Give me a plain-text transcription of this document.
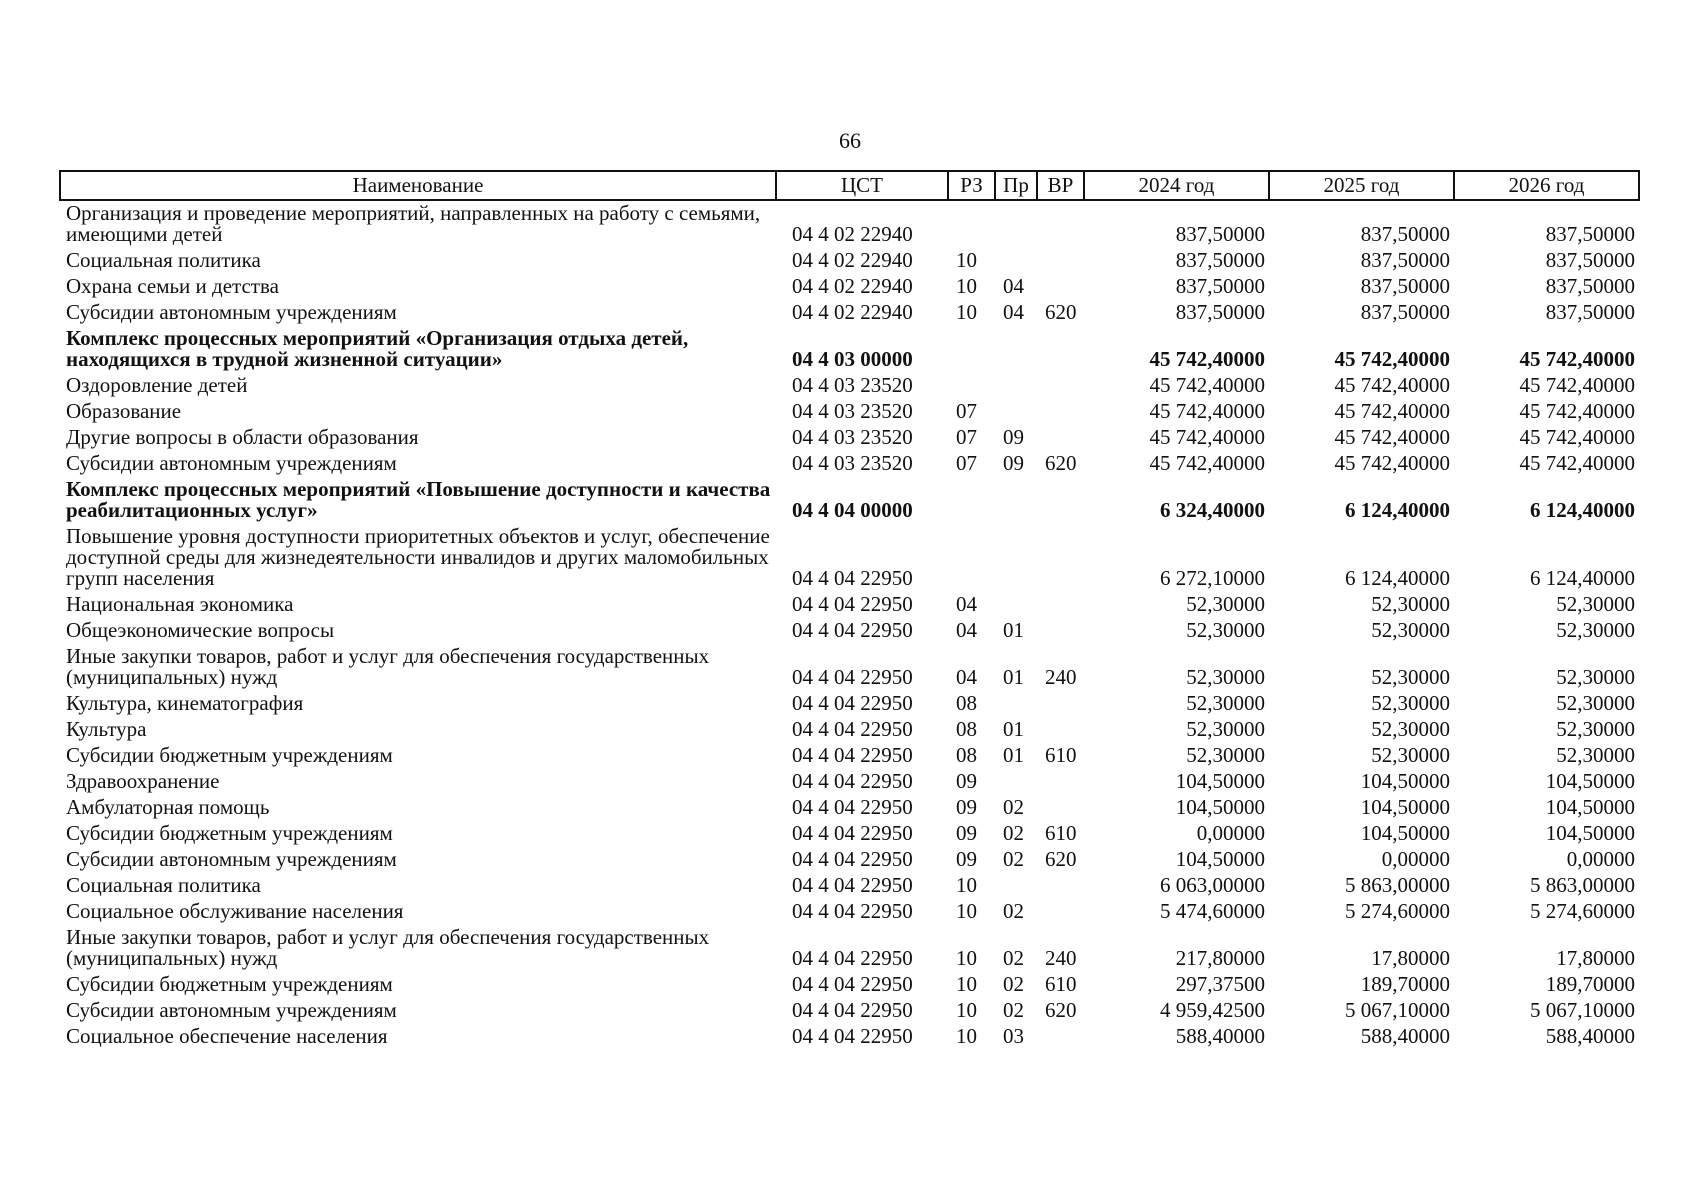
66
Наименование	ЦСТ	РЗ	Пр	ВР	2024 год	2025 год	2026 год
Организация и проведение мероприятий, направленных на работу с семьями, имеющими детей	04 4 02 22940				837,50000	837,50000	837,50000
Социальная политика	04 4 02 22940	10			837,50000	837,50000	837,50000
Охрана семьи и детства	04 4 02 22940	10	04		837,50000	837,50000	837,50000
Субсидии автономным учреждениям	04 4 02 22940	10	04	620	837,50000	837,50000	837,50000
Комплекс процессных мероприятий «Организация отдыха детей, находящихся в трудной жизненной ситуации»	04 4 03 00000				45 742,40000	45 742,40000	45 742,40000
Оздоровление детей	04 4 03 23520				45 742,40000	45 742,40000	45 742,40000
Образование	04 4 03 23520	07			45 742,40000	45 742,40000	45 742,40000
Другие вопросы в области образования	04 4 03 23520	07	09		45 742,40000	45 742,40000	45 742,40000
Субсидии автономным учреждениям	04 4 03 23520	07	09	620	45 742,40000	45 742,40000	45 742,40000
Комплекс процессных мероприятий «Повышение доступности и качества реабилитационных услуг»	04 4 04 00000				6 324,40000	6 124,40000	6 124,40000
Повышение уровня доступности приоритетных объектов и услуг, обеспечение доступной среды для жизнедеятельности инвалидов и других маломобильных групп населения	04 4 04 22950				6 272,10000	6 124,40000	6 124,40000
Национальная экономика	04 4 04 22950	04			52,30000	52,30000	52,30000
Общеэкономические вопросы	04 4 04 22950	04	01		52,30000	52,30000	52,30000
Иные закупки товаров, работ и услуг для обеспечения государственных (муниципальных) нужд	04 4 04 22950	04	01	240	52,30000	52,30000	52,30000
Культура, кинематография	04 4 04 22950	08			52,30000	52,30000	52,30000
Культура	04 4 04 22950	08	01		52,30000	52,30000	52,30000
Субсидии бюджетным учреждениям	04 4 04 22950	08	01	610	52,30000	52,30000	52,30000
Здравоохранение	04 4 04 22950	09			104,50000	104,50000	104,50000
Амбулаторная помощь	04 4 04 22950	09	02		104,50000	104,50000	104,50000
Субсидии бюджетным учреждениям	04 4 04 22950	09	02	610	0,00000	104,50000	104,50000
Субсидии автономным учреждениям	04 4 04 22950	09	02	620	104,50000	0,00000	0,00000
Социальная политика	04 4 04 22950	10			6 063,00000	5 863,00000	5 863,00000
Социальное обслуживание населения	04 4 04 22950	10	02		5 474,60000	5 274,60000	5 274,60000
Иные закупки товаров, работ и услуг для обеспечения государственных (муниципальных) нужд	04 4 04 22950	10	02	240	217,80000	17,80000	17,80000
Субсидии бюджетным учреждениям	04 4 04 22950	10	02	610	297,37500	189,70000	189,70000
Субсидии автономным учреждениям	04 4 04 22950	10	02	620	4 959,42500	5 067,10000	5 067,10000
Социальное обеспечение населения	04 4 04 22950	10	03		588,40000	588,40000	588,40000
